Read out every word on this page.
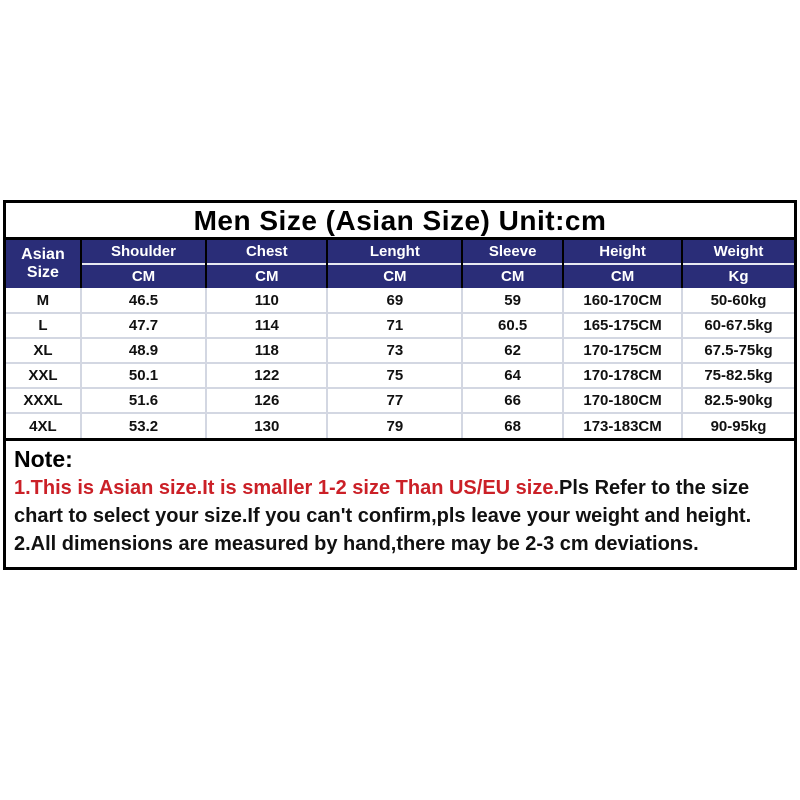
Men Size (Asian Size) Unit:cm
Asian Size	Shoulder	Chest	Lenght	Sleeve	Height	Weight
	CM	CM	CM	CM	CM	Kg
M	46.5	110	69	59	160-170CM	50-60kg
L	47.7	114	71	60.5	165-175CM	60-67.5kg
XL	48.9	118	73	62	170-175CM	67.5-75kg
XXL	50.1	122	75	64	170-178CM	75-82.5kg
XXXL	51.6	126	77	66	170-180CM	82.5-90kg
4XL	53.2	130	79	68	173-183CM	90-95kg
Note:
1.This is Asian size.It is smaller 1-2 size Than US/EU size.Pls Refer to the size chart to select your size.If you can't confirm,pls leave your weight and height.
2.All dimensions are measured by hand,there may be 2-3 cm deviations.
